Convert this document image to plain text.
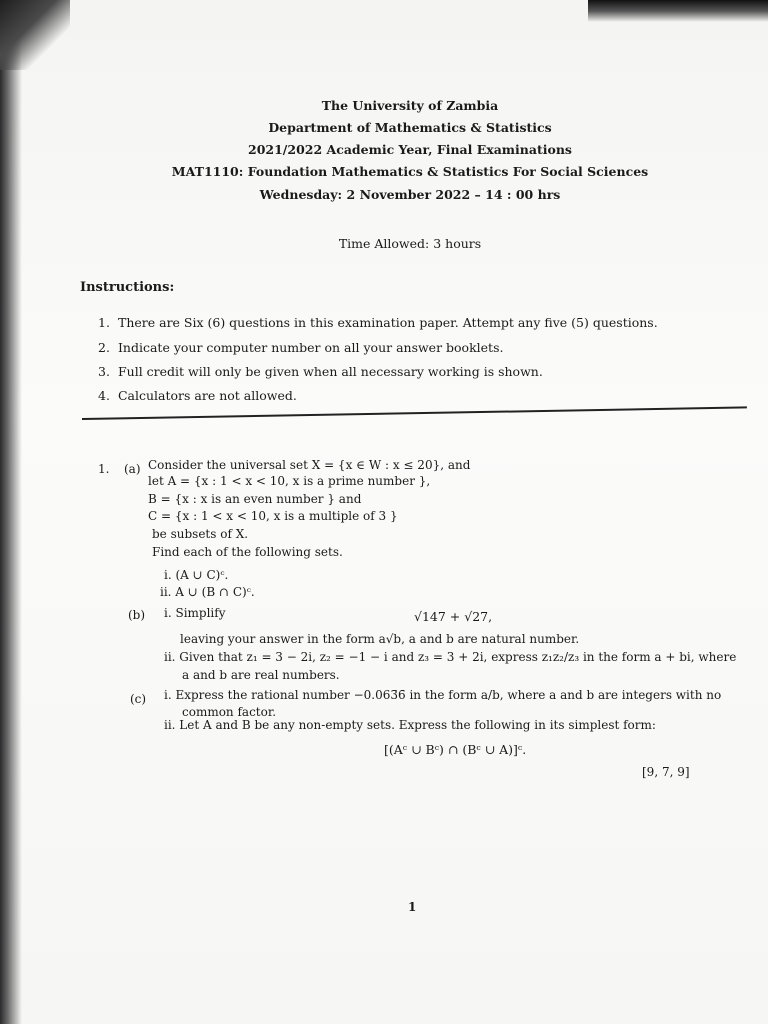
The University of Zambia
Department of Mathematics & Statistics
2021/2022 Academic Year, Final Examinations
MAT1110: Foundation Mathematics & Statistics For Social Sciences
Wednesday: 2 November 2022 – 14 : 00 hrs
Time Allowed: 3 hours
Instructions:
1. There are Six (6) questions in this examination paper. Attempt any five (5) questions.
2. Indicate your computer number on all your answer booklets.
3. Full credit will only be given when all necessary working is shown.
4. Calculators are not allowed.
1. (a) Consider the universal set X = {x ∈ W : x ≤ 20}, and
let A = {x : 1 < x < 10, x is a prime number },
B = {x : x is an even number } and
C = {x : 1 < x < 10, x is a multiple of 3 }
be subsets of X.
Find each of the following sets.
i. (A ∪ C)ᶜ.
ii. A ∪ (B ∩ C)ᶜ.
(b) i. Simplify	√147 + √27,
leaving your answer in the form a√b, a and b are natural number.
ii. Given that z₁ = 3 − 2i, z₂ = −1 − i and z₃ = 3 + 2i, express z₁z₂/z₃ in the form a + bi, where
a and b are real numbers.
(c) i. Express the rational number −0.063̄6̄ in the form a/b, where a and b are integers with no
common factor.
ii. Let A and B be any non-empty sets. Express the following in its simplest form:
[(Aᶜ ∪ Bᶜ) ∩ (Bᶜ ∪ A)]ᶜ.
[9, 7, 9]
1
